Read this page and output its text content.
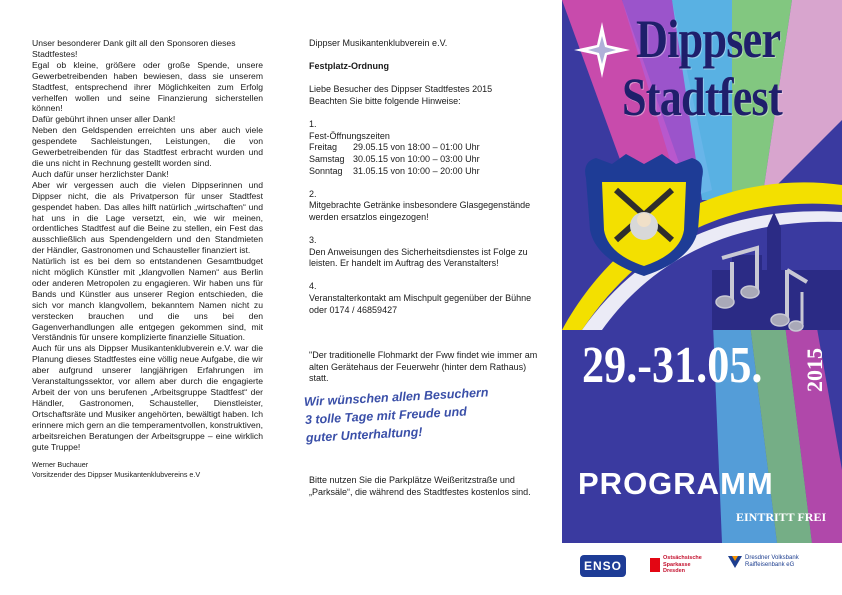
Unser besonderer Dank gilt all den Sponsoren dieses Stadtfestes!

Egal ob kleine, größere oder große Spende, unsere Gewerbetreibenden haben bewiesen, dass sie unserem Stadtfest, entsprechend ihrer Möglichkeiten zum Erfolg verhelfen wollen und seine Finanzierung sicherstellen können!

Dafür gebührt ihnen unser aller Dank!

Neben den Geldspenden erreichten uns aber auch viele gespendete Sachleistungen, Leistungen, die von Gewerbetreibenden für das Stadtfest erbracht wurden und die uns nicht in Rechnung gestellt worden sind.

Auch dafür unser herzlichster Dank!

Aber wir vergessen auch die vielen Dippserinnen und Dippser nicht, die als Privatperson für unser Stadtfest gespendet haben. Das alles hilft natürlich „wirtschaften“ und hat uns in die Lage versetzt, ein, wie wir meinen, ordentliches Stadtfest auf die Beine zu stellen, ein Fest das ausschließlich aus Spendengeldern und den Standmieten der Händler, Gastronomen und Schausteller finanziert ist.

Natürlich ist es bei dem so entstandenen Gesamtbudget nicht möglich Künstler mit „klangvollen Namen“ aus Berlin oder anderen Metropolen zu engagieren. Wir haben uns für Bands und Künstler aus unserer Region entschieden, die sich vor manch klangvollem, bekanntem Namen nicht zu verstecken brauchen und die uns bei den Gagenverhandlungen alle entgegen gekommen sind, mit Verständnis für unsere komplizierte finanzielle Situation.

Auch für uns als Dippser Musikantenklubverein e.V. war die Planung dieses Stadtfestes eine völlig neue Aufgabe, die wir aber aufgrund unserer langjährigen Erfahrungen im Veranstaltungssektor, vor allem aber durch die engagierte Arbeit der von uns berufenen „Arbeitsgruppe Stadtfest“ der Händler, Gastronomen, Schausteller, Dienstleister, Ortschaftsräte und Musiker angehörten, bewältigt haben. Ich erinnere mich gern an die temperamentvollen, konstruktiven, arbeitsreichen Beratungen der Arbeitsgruppe – eine wirklich gute Truppe!

Werner Buchauer
Vorsitzender des Dippser Musikantenklubvereins e.V

Dippser Musikantenklubverein e.V.

Festplatz-Ordnung

Liebe Besucher des Dippser Stadtfestes 2015

Beachten Sie bitte folgende Hinweise:

1.

Fest-Öffnungszeiten

Freitag	29.05.15 von 18:00 – 01:00 Uhr
Samstag 30.05.15 von 10:00 – 03:00 Uhr
Sonntag	31.05.15 von 10:00 – 20:00 Uhr

2.

Mitgebrachte Getränke insbesondere Glasgegenstände werden ersatzlos eingezogen!

3.

Den Anweisungen des Sicherheitsdienstes ist Folge zu leisten. Er handelt im Auftrag des Veranstalters!

4.

Veranstalterkontakt am Mischpult gegenüber der Bühne oder 0174 / 46859427

"Der traditionelle Flohmarkt der Fww findet wie immer am alten Gerätehaus der Feuerwehr (hinter dem Rathaus) statt.

Wir wünschen allen Besuchern
3 tolle Tage mit Freude und
guter Unterhaltung!

Bitte nutzen Sie die Parkplätze Weißeritzstraße und „Parksäle“, die während des Stadtfestes kostenlos sind.

Dippser
Stadtfest
29.-31.05. 2015
PROGRAMM
EINTRITT FREI
ENSO
Ostsächsische
Sparkasse Dresden
Dresdner Volksbank
Raiffeisenbank eG
